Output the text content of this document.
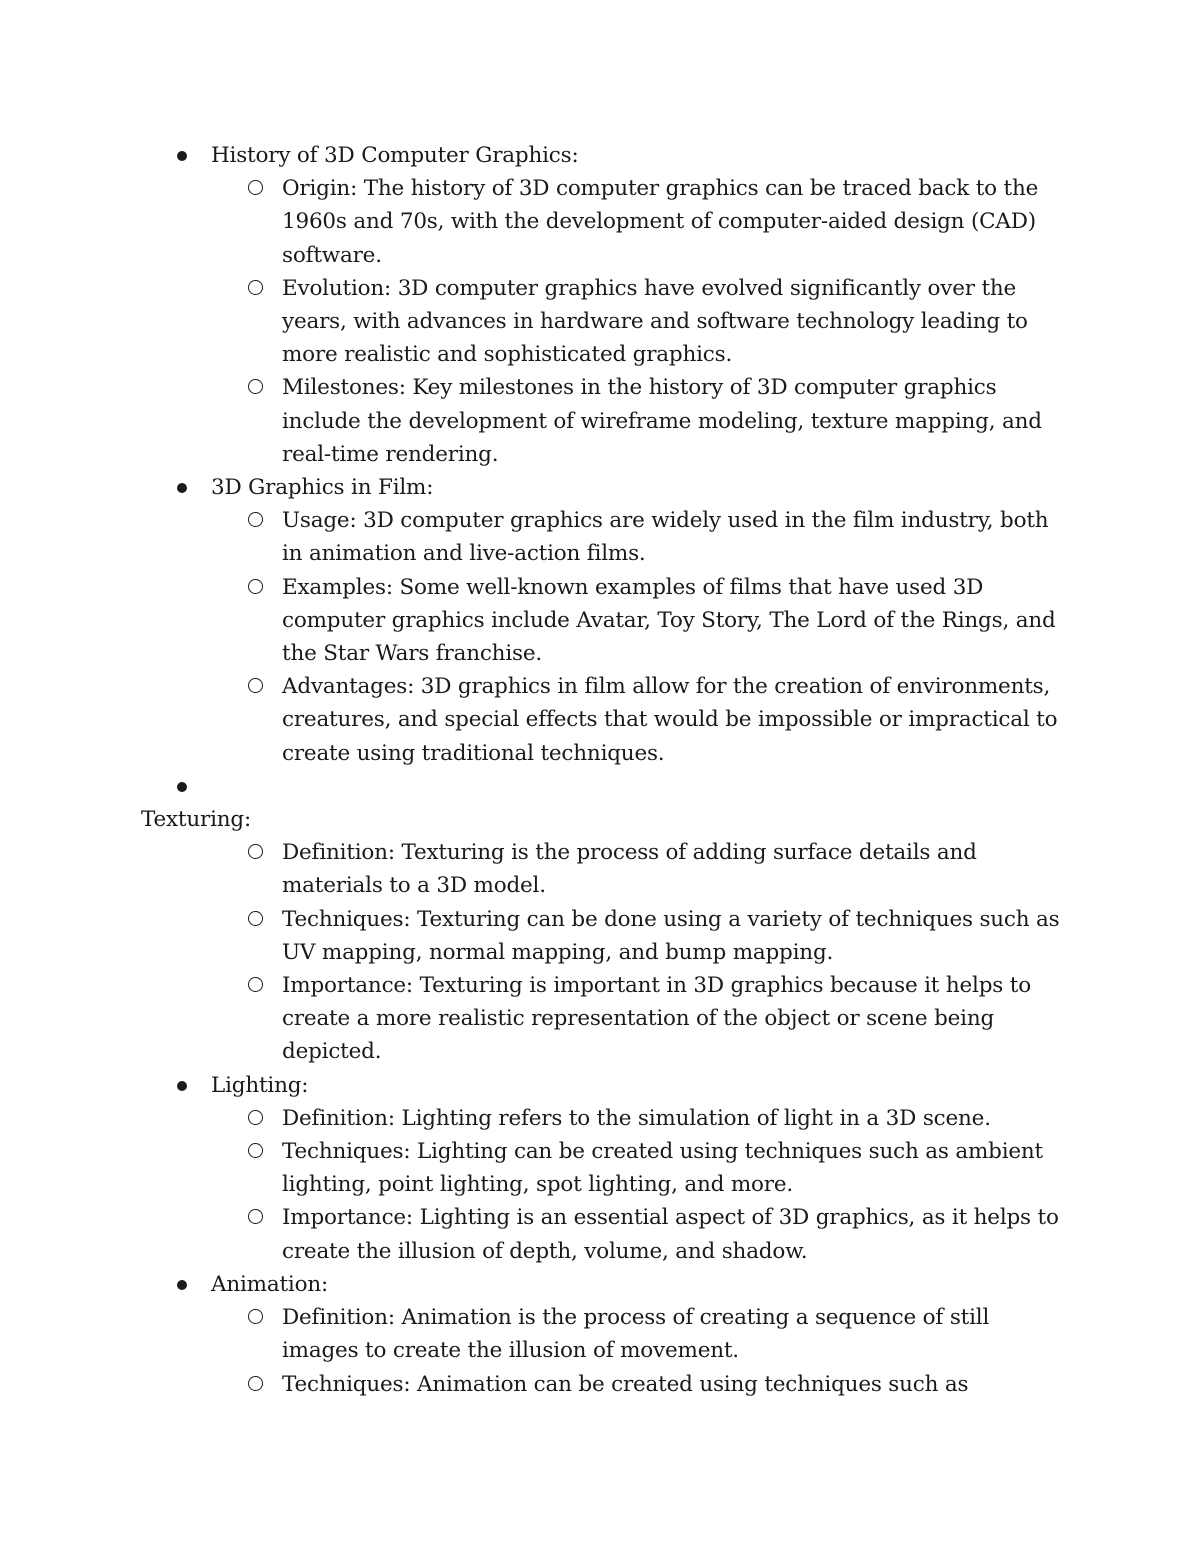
History of 3D Computer Graphics:
Origin: The history of 3D computer graphics can be traced back to the 1960s and 70s, with the development of computer-aided design (CAD) software.
Evolution: 3D computer graphics have evolved significantly over the years, with advances in hardware and software technology leading to more realistic and sophisticated graphics.
Milestones: Key milestones in the history of 3D computer graphics include the development of wireframe modeling, texture mapping, and real-time rendering.
3D Graphics in Film:
Usage: 3D computer graphics are widely used in the film industry, both in animation and live-action films.
Examples: Some well-known examples of films that have used 3D computer graphics include Avatar, Toy Story, The Lord of the Rings, and the Star Wars franchise.
Advantages: 3D graphics in film allow for the creation of environments, creatures, and special effects that would be impossible or impractical to create using traditional techniques.
Texturing:
Definition: Texturing is the process of adding surface details and materials to a 3D model.
Techniques: Texturing can be done using a variety of techniques such as UV mapping, normal mapping, and bump mapping.
Importance: Texturing is important in 3D graphics because it helps to create a more realistic representation of the object or scene being depicted.
Lighting:
Definition: Lighting refers to the simulation of light in a 3D scene.
Techniques: Lighting can be created using techniques such as ambient lighting, point lighting, spot lighting, and more.
Importance: Lighting is an essential aspect of 3D graphics, as it helps to create the illusion of depth, volume, and shadow.
Animation:
Definition: Animation is the process of creating a sequence of still images to create the illusion of movement.
Techniques: Animation can be created using techniques such as
